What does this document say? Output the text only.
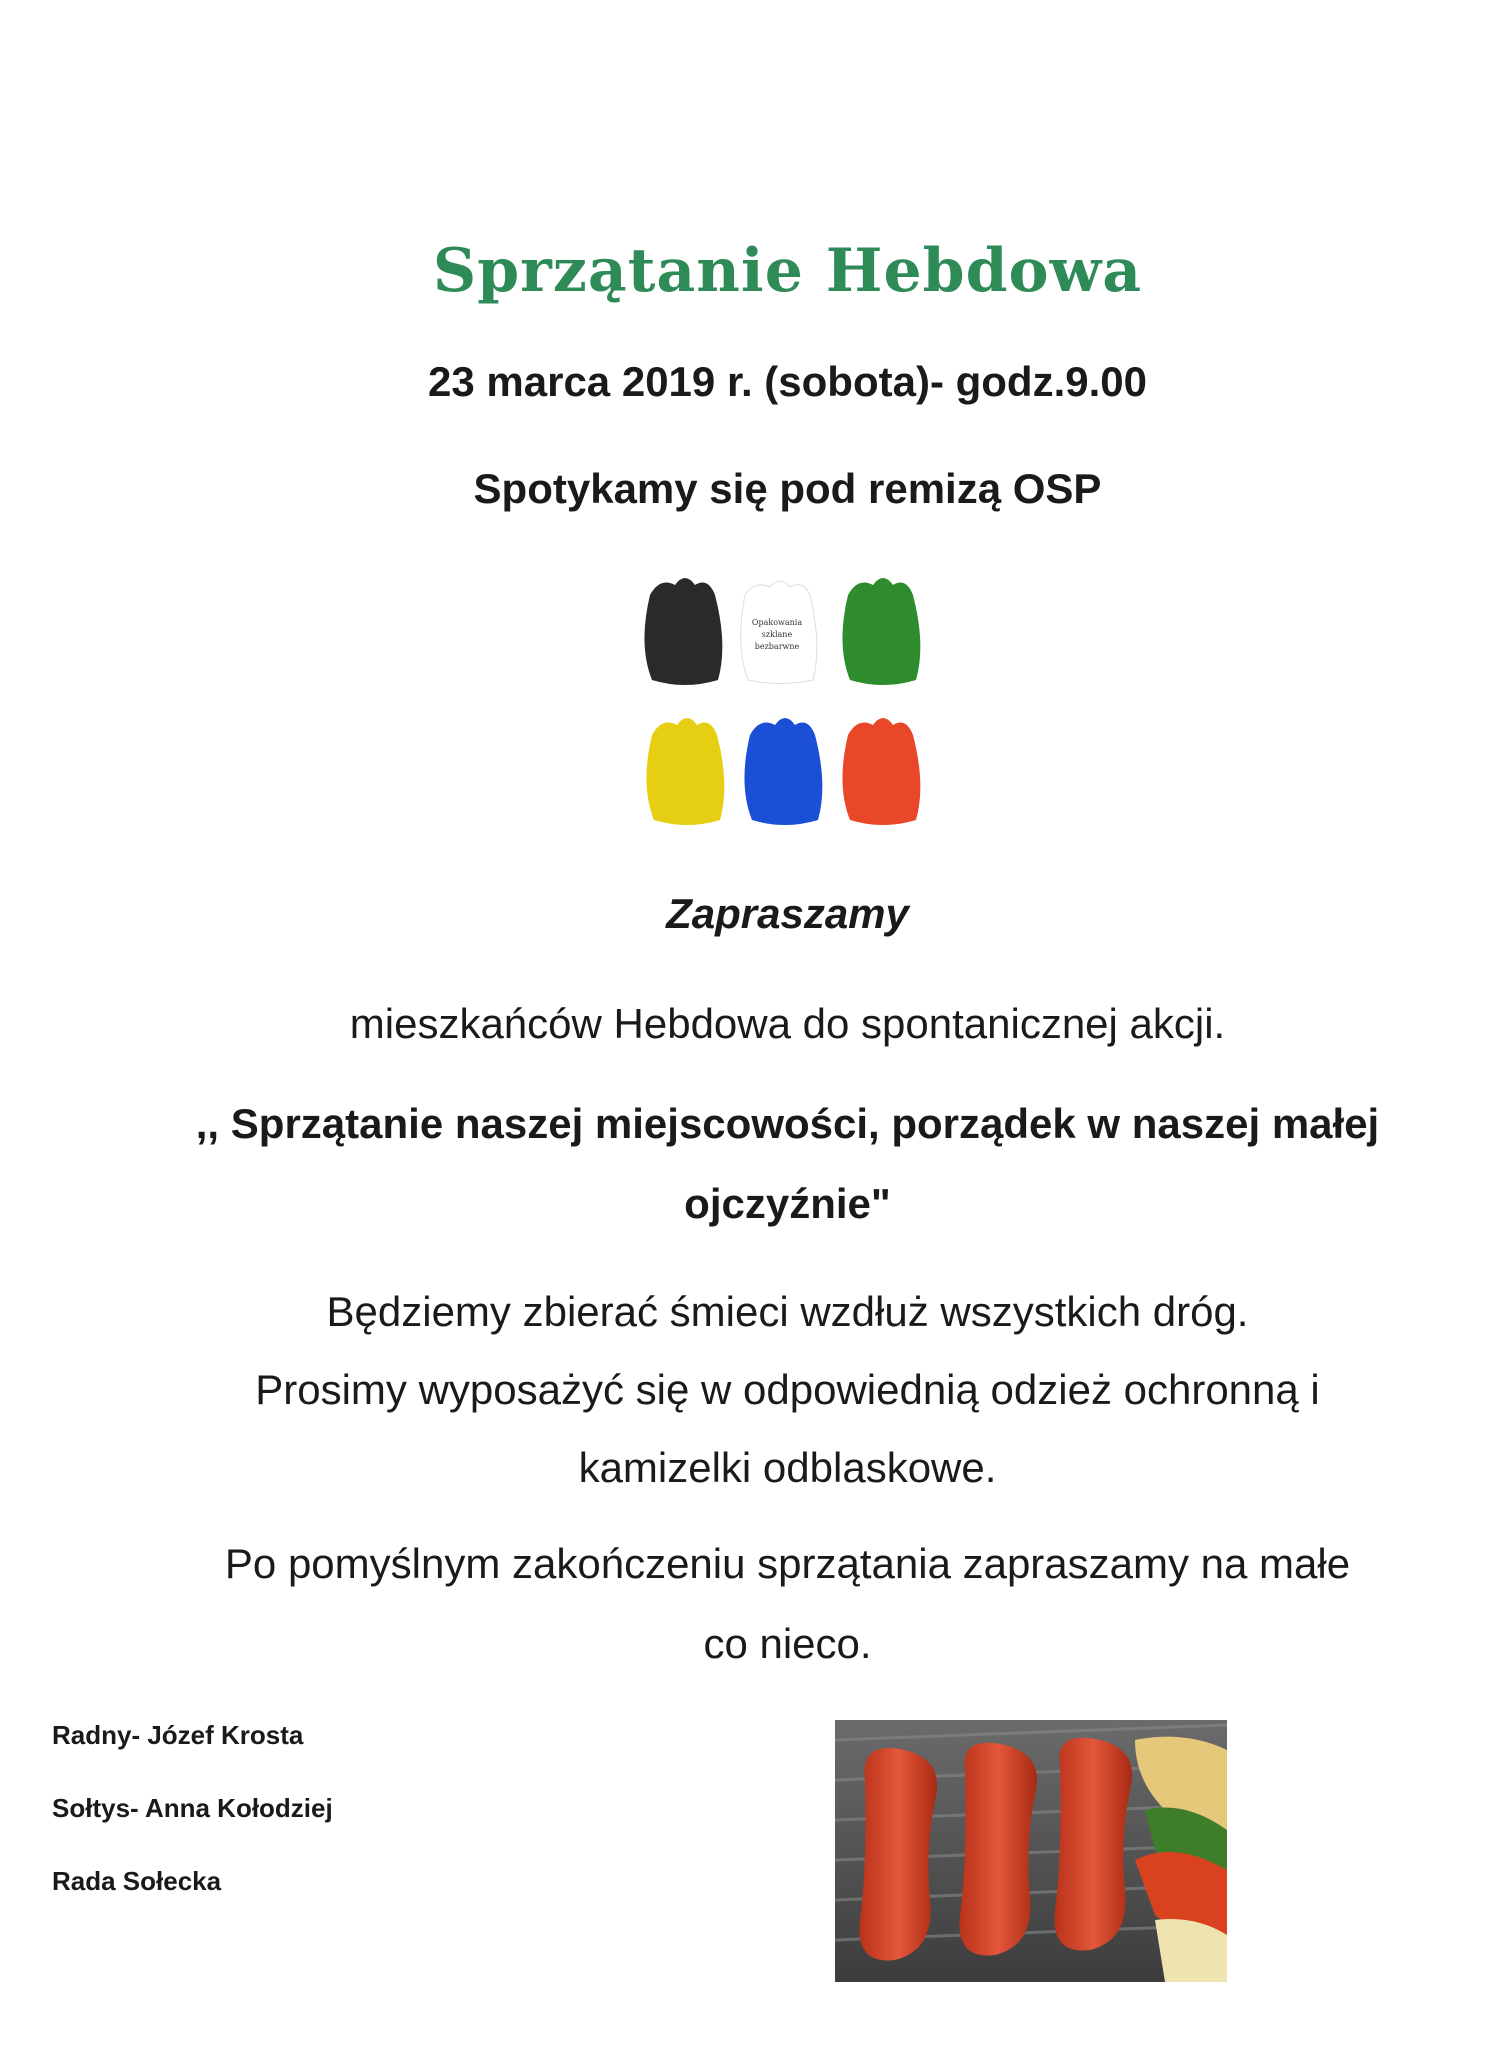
Sprzątanie Hebdowa
23 marca 2019 r. (sobota)- godz.9.00
Spotykamy się pod remizą OSP
Opakowania
szklane
bezbarwne
Zapraszamy
mieszkańców Hebdowa do spontanicznej akcji.
,, Sprzątanie naszej miejscowości, porządek w naszej małej
ojczyźnie"
Będziemy zbierać śmieci wzdłuż wszystkich dróg.
Prosimy wyposażyć się w odpowiednią odzież ochronną i
kamizelki odblaskowe.
Po pomyślnym zakończeniu sprzątania zapraszamy na małe
co nieco.
Radny- Józef Krosta
Sołtys- Anna Kołodziej
Rada Sołecka
